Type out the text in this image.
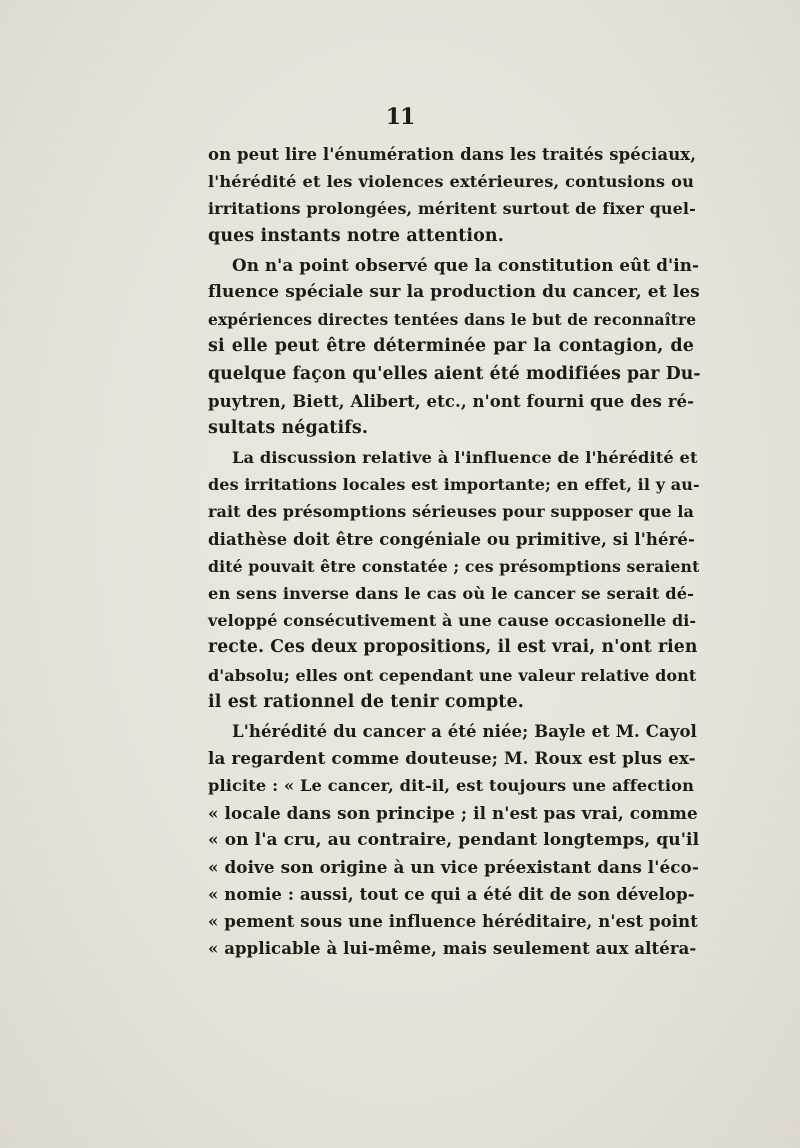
11
on peut lire l'énumération dans les traités spéciaux,
l'hérédité et les violences extérieures, contusions ou
irritations prolongées, méritent surtout de fixer quel-
ques instants notre attention.
On n'a point observé que la constitution eût d'in-
fluence spéciale sur la production du cancer, et les
expériences directes tentées dans le but de reconnaître
si elle peut être déterminée par la contagion, de
quelque façon qu'elles aient été modifiées par Du-
puytren, Biett, Alibert, etc., n'ont fourni que des ré-
sultats négatifs.
La discussion relative à l'influence de l'hérédité et
des irritations locales est importante; en effet, il y au-
rait des présomptions sérieuses pour supposer que la
diathèse doit être congéniale ou primitive, si l'héré-
dité pouvait être constatée ; ces présomptions seraient
en sens inverse dans le cas où le cancer se serait dé-
veloppé consécutivement à une cause occasionelle di-
recte. Ces deux propositions, il est vrai, n'ont rien
d'absolu; elles ont cependant une valeur relative dont
il est rationnel de tenir compte.
L'hérédité du cancer a été niée; Bayle et M. Cayol
la regardent comme douteuse; M. Roux est plus ex-
plicite : « Le cancer, dit-il, est toujours une affection
« locale dans son principe ; il n'est pas vrai, comme
« on l'a cru, au contraire, pendant longtemps, qu'il
« doive son origine à un vice préexistant dans l'éco-
« nomie : aussi, tout ce qui a été dit de son dévelop-
« pement sous une influence héréditaire, n'est point
« applicable à lui-même, mais seulement aux altéra-
